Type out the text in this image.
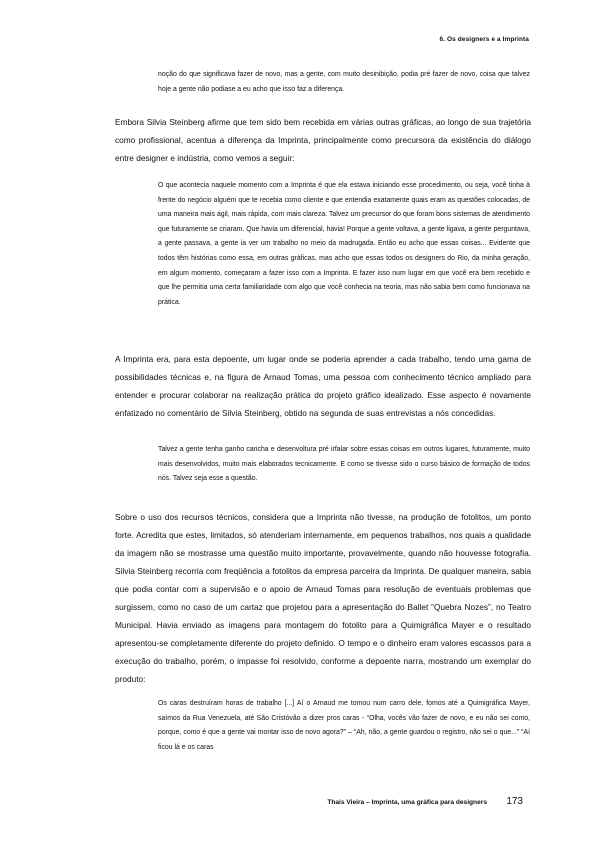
6. Os designers e a Imprinta

noção do que significava fazer de novo, mas a gente, com muito desinibição, podia pré fazer de novo, coisa que talvez hoje a gente não podiase a eu acho que isso faz a diferença.

Embora Silvia Steinberg afirme que tem sido bem recebida em várias outras gráficas, ao longo de sua trajetória como profissional, acentua a diferença da Imprinta, principalmente como precursora da existência do diálogo entre designer e indústria, como vemos a seguir:

O que acontecia naquele momento com a Imprinta é que ela estava iniciando esse procedimento, ou seja, você tinha à frente do negócio alguém que te recebia como cliente e que entendia exatamente quais eram as questões colocadas, de uma maneira mais ágil, mais rápida, com mais clareza. Talvez um precursor do que foram bons sistemas de atendimento que futuramente se criaram. Que havia um diferencial, havia! Porque a gente voltava, a gente ligava, a gente perguntava, a gente passava, a gente ia ver um trabalho no meio da madrugada. Então eu acho que essas coisas... Evidente que todos têm histórias como essa, em outras gráficas, mas acho que essas todos os designers do Rio, da minha geração, em algum momento, começaram a fazer isso com a Imprinta. E fazer isso num lugar em que você era bem recebido e que lhe permitia uma certa familiaridade com algo que você conhecia na teoria, mas não sabia bem como funcionava na prática.

A Imprinta era, para esta depoente, um lugar onde se poderia aprender a cada trabalho, tendo uma gama de possibilidades técnicas e, na figura de Arnaud Tomas, uma pessoa com conhecimento técnico ampliado para entender e procurar colaborar na realização prática do projeto gráfico idealizado. Esse aspecto é novamente enfatizado no comentário de Silvia Steinberg, obtido na segunda de suas entrevistas a nós concedidas.

Talvez a gente tenha ganho cancha e desenvoltura pré irfalar sobre essas coisas em outros lugares, futuramente, muito mais desenvolvidos, muito mais elaborados tecnicamente. E como se tivesse sido o curso básico de formação de todos nós. Talvez seja esse a questão.

Sobre o uso dos recursos técnicos, considera que a Imprinta não tivesse, na produção de fotolitos, um ponto forte. Acredita que estes, limitados, só atenderiam internamente, em pequenos trabalhos, nos quais a qualidade da imagem não se mostrasse uma questão muito importante, provavelmente, quando não houvesse fotografia. Silvia Steinberg recorria com freqüência a fotolitos da empresa parceira da Imprinta. De qualquer maneira, sabia que podia contar com a supervisão e o apoio de Arnaud Tomas para resolução de eventuais problemas que surgissem, como no caso de um cartaz que projetou para a apresentação do Ballet “Quebra Nozes”, no Teatro Municipal. Havia enviado as imagens para montagem do fotolito para a Quimigráfica Mayer e o resultado apresentou-se completamente diferente do projeto definido. O tempo e o dinheiro eram valores escassos para a execução do trabalho, porém, o impasse foi resolvido, conforme a depoente narra, mostrando um exemplar do produto:

Os caras destruíram horas de trabalho [...] Aí o Arnaud me tomou num carro dele, fomos até a Quimigráfica Mayer, saímos da Rua Venezuela, até São Cristóvão a dizer pros caras - “Olha, vocês vão fazer de novo, e eu não sei como, porque, como é que a gente vai montar isso de novo agora?” – “Ah, não, a gente guardou o registro, não sei o que...” “Aí ficou lá e os caras

Thais Vieira – Imprinta, uma gráfica para designers 173
